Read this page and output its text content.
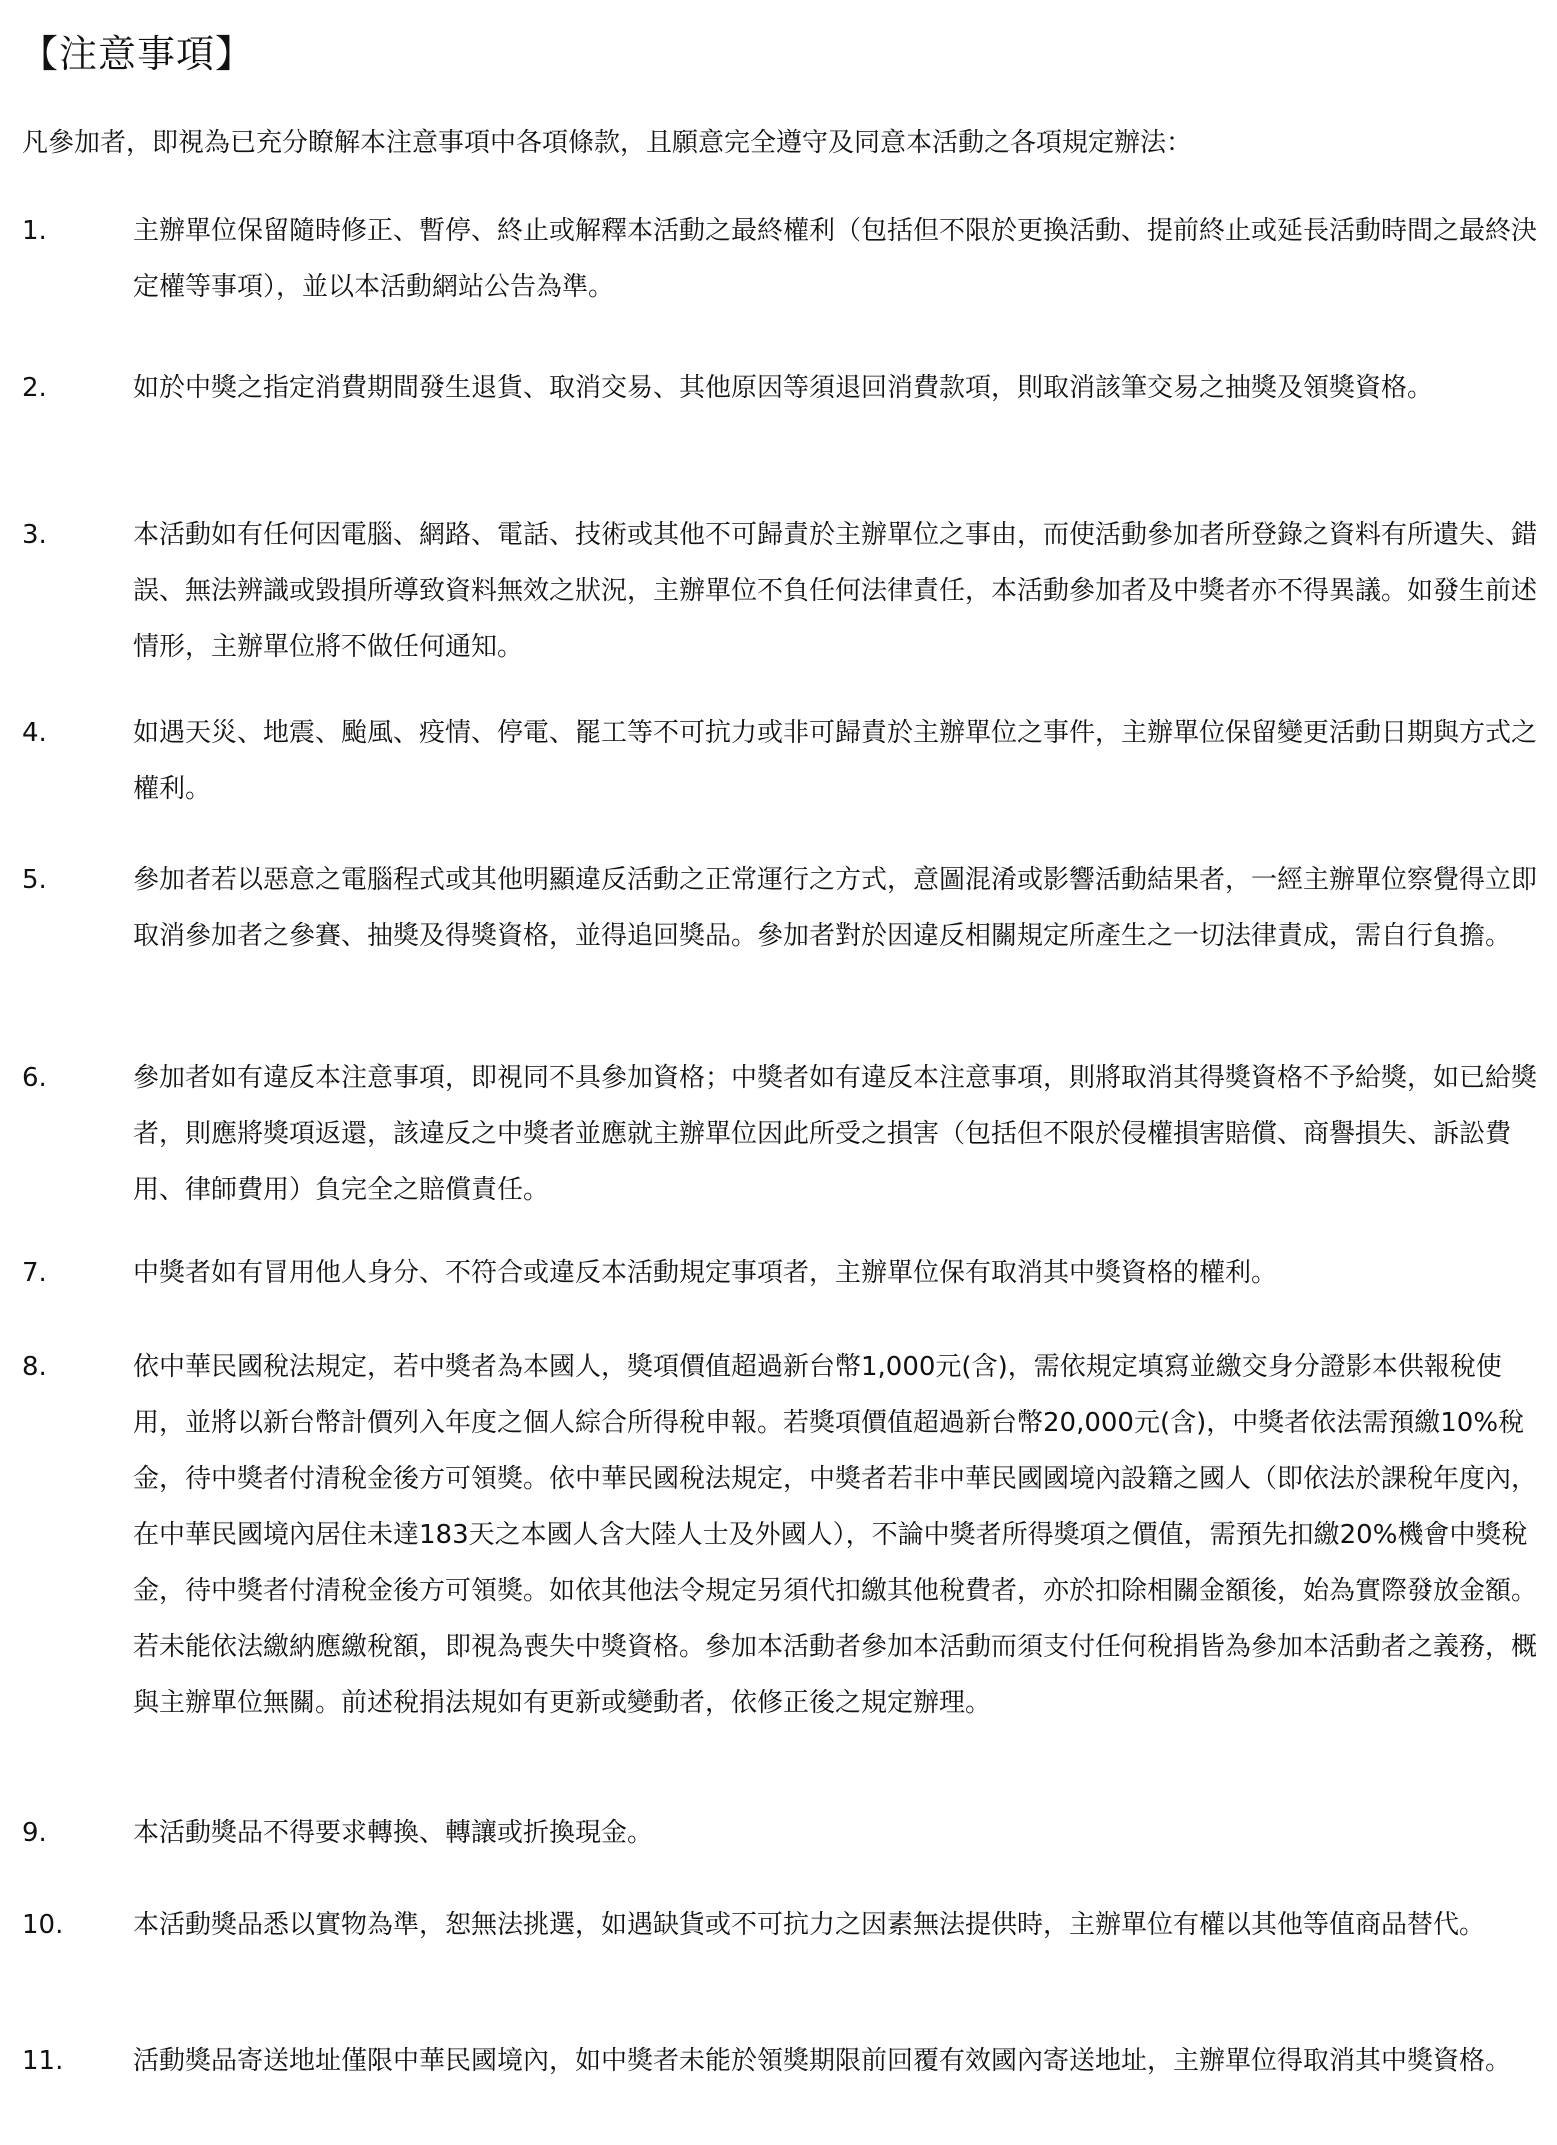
【注意事項】

凡參加者，即視為已充分瞭解本注意事項中各項條款，且願意完全遵守及同意本活動之各項規定辦法：

1.	主辦單位保留隨時修正、暫停、終止或解釋本活動之最終權利（包括但不限於更換活動、提前終止或延長活動時間之最終決定權等事項），並以本活動網站公告為準。

2.	如於中獎之指定消費期間發生退貨、取消交易、其他原因等須退回消費款項，則取消該筆交易之抽獎及領獎資格。

3.	本活動如有任何因電腦、網路、電話、技術或其他不可歸責於主辦單位之事由，而使活動參加者所登錄之資料有所遺失、錯誤、無法辨識或毀損所導致資料無效之狀況，主辦單位不負任何法律責任，本活動參加者及中獎者亦不得異議。如發生前述情形，主辦單位將不做任何通知。

4.	如遇天災、地震、颱風、疫情、停電、罷工等不可抗力或非可歸責於主辦單位之事件，主辦單位保留變更活動日期與方式之權利。

5.	參加者若以惡意之電腦程式或其他明顯違反活動之正常運行之方式，意圖混淆或影響活動結果者，一經主辦單位察覺得立即取消參加者之參賽、抽獎及得獎資格，並得追回獎品。參加者對於因違反相關規定所產生之一切法律責成，需自行負擔。

6.	參加者如有違反本注意事項，即視同不具參加資格；中獎者如有違反本注意事項，則將取消其得獎資格不予給獎，如已給獎者，則應將獎項返還，該違反之中獎者並應就主辦單位因此所受之損害（包括但不限於侵權損害賠償、商譽損失、訴訟費用、律師費用）負完全之賠償責任。

7.	中獎者如有冒用他人身分、不符合或違反本活動規定事項者，主辦單位保有取消其中獎資格的權利。

8.	依中華民國稅法規定，若中獎者為本國人，獎項價值超過新台幣1,000元(含)，需依規定填寫並繳交身分證影本供報稅使用，並將以新台幣計價列入年度之個人綜合所得稅申報。若獎項價值超過新台幣20,000元(含)，中獎者依法需預繳10%稅金，待中獎者付清稅金後方可領獎。依中華民國稅法規定，中獎者若非中華民國國境內設籍之國人（即依法於課稅年度內，在中華民國境內居住未達183天之本國人含大陸人士及外國人），不論中獎者所得獎項之價值，需預先扣繳20%機會中獎稅金，待中獎者付清稅金後方可領獎。如依其他法令規定另須代扣繳其他稅費者，亦於扣除相關金額後，始為實際發放金額。若未能依法繳納應繳稅額，即視為喪失中獎資格。參加本活動者參加本活動而須支付任何稅捐皆為參加本活動者之義務，概與主辦單位無關。前述稅捐法規如有更新或變動者，依修正後之規定辦理。

9.	本活動獎品不得要求轉換、轉讓或折換現金。

10.	本活動獎品悉以實物為準，恕無法挑選，如遇缺貨或不可抗力之因素無法提供時，主辦單位有權以其他等值商品替代。

11.	活動獎品寄送地址僅限中華民國境內，如中獎者未能於領獎期限前回覆有效國內寄送地址，主辦單位得取消其中獎資格。
